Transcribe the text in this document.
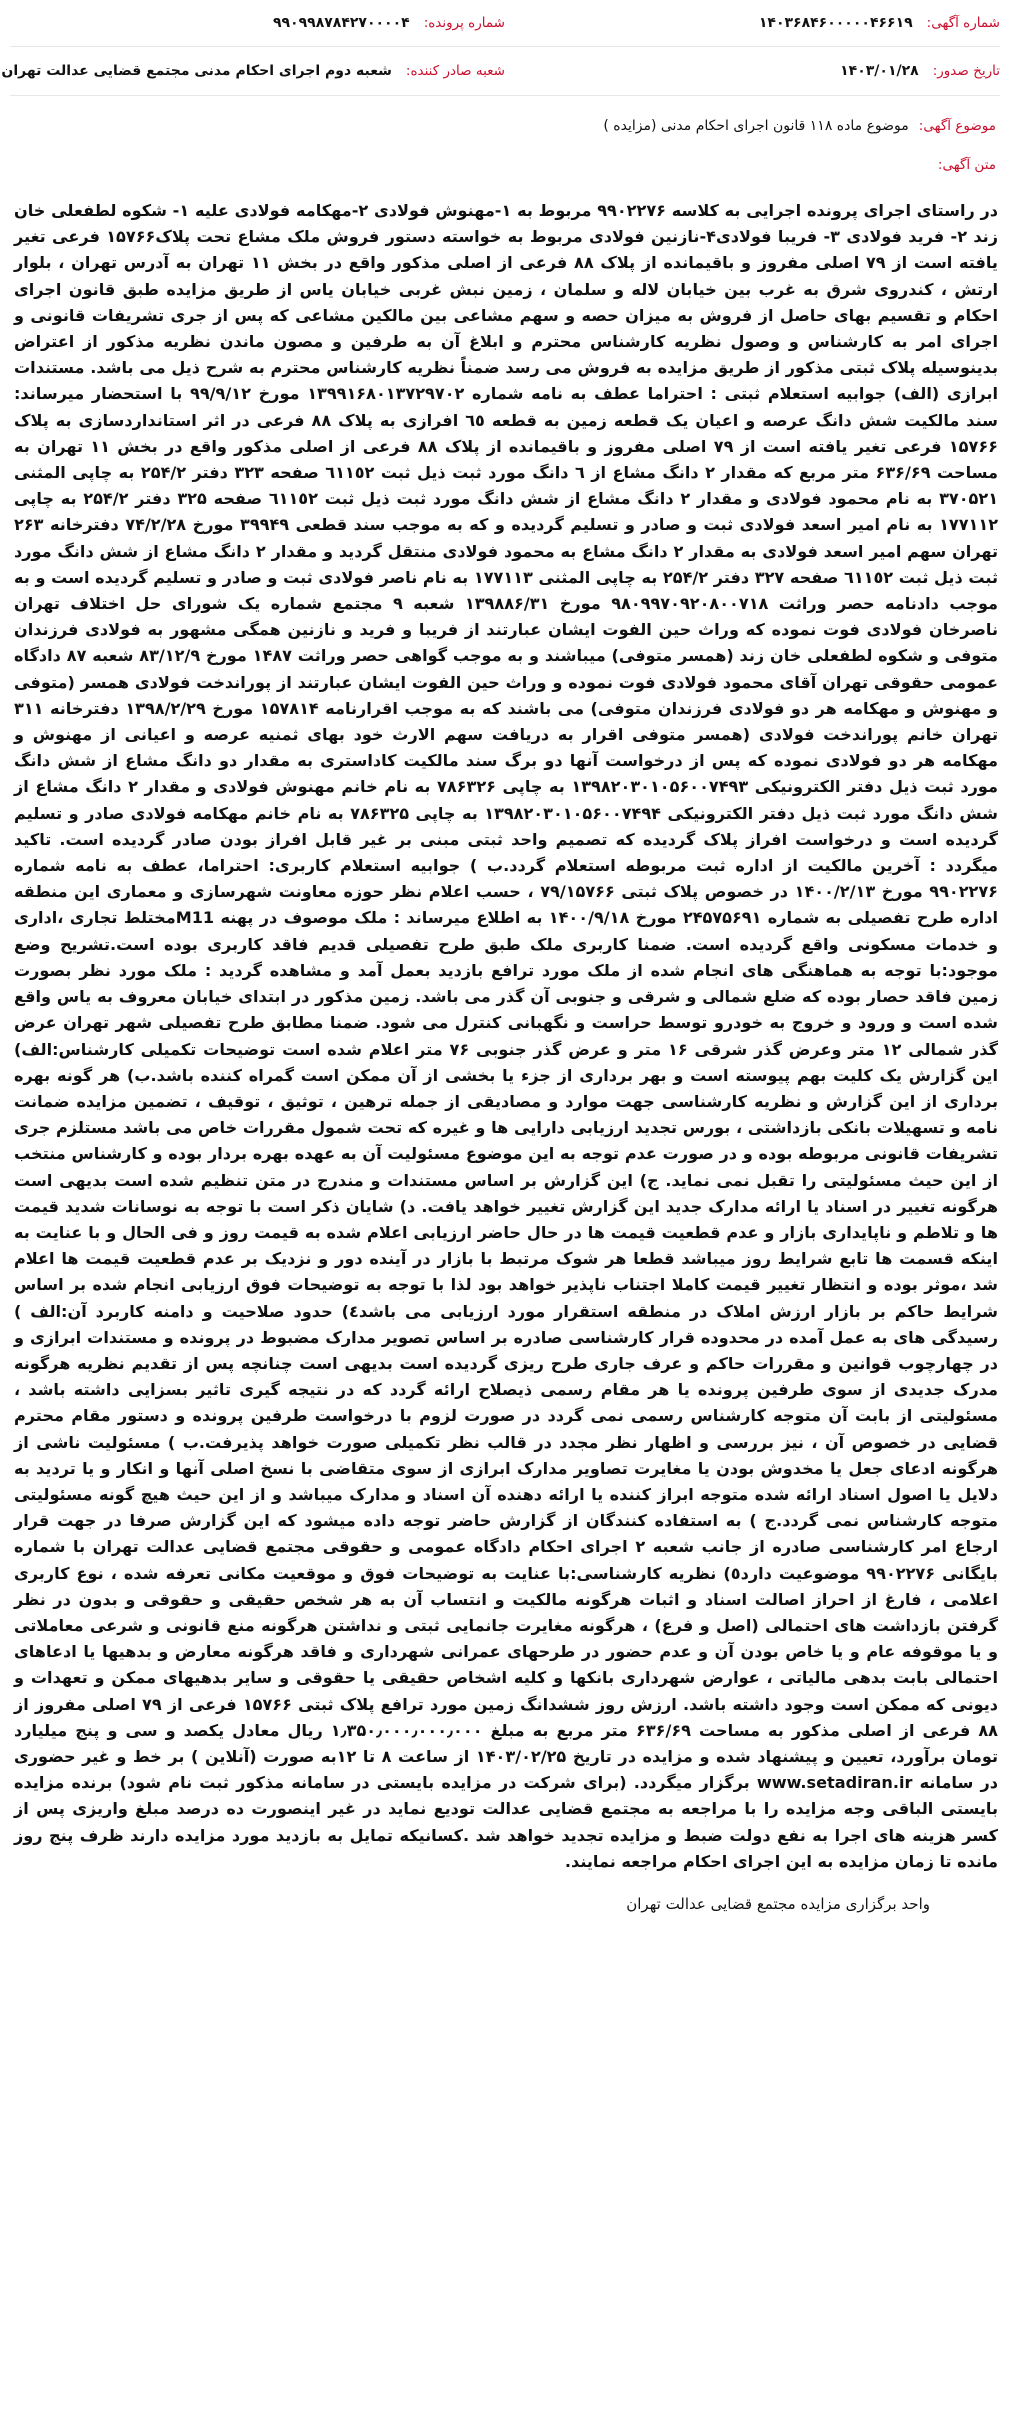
شماره آگهی:
۱۴۰۳۶۸۴۶۰۰۰۰۰۴۶۶۱۹
شماره پرونده:
۹۹۰۹۹۸۷۸۴۲۷۰۰۰۰۴
تاریخ صدور:
۱۴۰۳/۰۱/۲۸
شعبه صادر کننده:
شعبه دوم اجرای احکام مدنی مجتمع قضایی عدالت تهران
موضوع آگهی:
موضوع ماده ۱۱۸ قانون اجرای احکام مدنی (مزایده )
متن آگهی:
در راستای اجرای پرونده اجرایی به کلاسه ۹۹۰۲۲۷۶ مربوط به ۱-مهنوش فولادی ۲-مهکامه فولادی علیه ۱- شکوه لطفعلی خان زند ۲- فرید فولادی ۳- فریبا فولادی۴-نازنین فولادی مربوط به خواسته دستور فروش ملک مشاع تحت پلاک۱۵۷۶۶ فرعی تغیر یافته است از ۷۹ اصلی مفروز و باقیمانده از پلاک ۸۸ فرعی از اصلی مذکور واقع در بخش ۱۱ تهران به آدرس تهران ، بلوار ارتش ، کندروی شرق به غرب بین خیابان لاله و سلمان ، زمین نبش غربی خیابان یاس از طریق مزایده طبق قانون اجرای احکام و تقسیم بهای حاصل از فروش به میزان حصه و سهم مشاعی بین مالکین مشاعی که پس از جری تشریفات قانونی و اجرای امر به کارشناس و وصول نظریه کارشناس محترم و ابلاغ آن به طرفین و مصون ماندن نظریه مذکور از اعتراض بدینوسیله پلاک ثبتی مذکور از طریق مزایده به فروش می رسد ضمناً نظریه کارشناس محترم به شرح ذیل می باشد. مستندات ابرازی (الف) جوابیه استعلام ثبتی : احتراما عطف به نامه شماره ۱۳۹۹۱۶۸۰۱۳۷۲۹۷۰۲ مورخ ۹۹/۹/۱۲ با استحضار میرساند: سند مالکیت شش دانگ عرصه و اعیان یک قطعه زمین به قطعه ٦٥ افرازی به پلاک ۸۸ فرعی در اثر استانداردسازی به پلاک ۱۵۷۶۶ فرعی تغیر یافته است از ۷۹ اصلی مفروز و باقیمانده از پلاک ۸۸ فرعی از اصلی مذکور واقع در بخش ۱۱ تهران به مساحت ۶۳۶/۶۹ متر مربع که مقدار ۲ دانگ مشاع از ٦ دانگ مورد ثبت ذیل ثبت ٦١١٥٢ صفحه ۳۲۳ دفتر ۲۵۴/۲ به چاپی المثنی ۳۷۰۵۲۱ به نام محمود فولادی و مقدار ۲ دانگ مشاع از شش دانگ مورد ثبت ذیل ثبت ٦١١٥٢ صفحه ۳۲۵ دفتر ۲۵۴/۲ به چاپی ۱۷۷۱۱۲ به نام امیر اسعد فولادی ثبت و صادر و تسلیم گردیده و که به موجب سند قطعی ۳۹۹۴۹ مورخ ۷۴/۲/۲۸ دفترخانه ۲۶۳ تهران سهم امیر اسعد فولادی به مقدار ۲ دانگ مشاع به محمود فولادی منتقل گردید و مقدار ۲ دانگ مشاع از شش دانگ مورد ثبت ذیل ثبت ٦١١٥٢ صفحه ۳۲۷ دفتر ۲۵۴/۲ به چاپی المثنی ۱۷۷۱۱۳ به نام ناصر فولادی ثبت و صادر و تسلیم گردیده است و به موجب دادنامه حصر وراثت ۹۸۰۹۹۷۰۹۲۰۸۰۰۷۱۸ مورخ ۱۳۹۸۸۶/۳۱ شعبه ۹ مجتمع شماره یک شورای حل اختلاف تهران ناصرخان فولادی فوت نموده که وراث حین الفوت ایشان عبارتند از فریبا و فرید و نازنین همگی مشهور به فولادی فرزندان متوفی و شکوه لطفعلی خان زند (همسر متوفی) میباشند و به موجب گواهی حصر وراثت ۱۴۸۷ مورخ ۸۳/۱۲/۹ شعبه ۸۷ دادگاه عمومی حقوقی تهران آقای محمود فولادی فوت نموده و وراث حین الفوت ایشان عبارتند از پوراندخت فولادی همسر (متوفی و مهنوش و مهکامه هر دو فولادی فرزندان متوفی) می باشند که به موجب اقرارنامه ۱۵۷۸۱۴ مورخ ۱۳۹۸/۲/۲۹ دفترخانه ۳۱۱ تهران خانم پوراندخت فولادی (همسر متوفی اقرار به دریافت سهم الارث خود بهای ثمنیه عرصه و اعیانی از مهنوش و مهکامه هر دو فولادی نموده که پس از درخواست آنها دو برگ سند مالکیت کاداستری به مقدار دو دانگ مشاع از شش دانگ مورد ثبت ذیل دفتر الکترونیکی ۱۳۹۸۲۰۳۰۱۰۵۶۰۰۷۴۹۳ به چاپی ۷۸۶۳۲۶ به نام خانم مهنوش فولادی و مقدار ۲ دانگ مشاع از شش دانگ مورد ثبت ذیل دفتر الکترونیکی ۱۳۹۸۲۰۳۰۱۰۵۶۰۰۷۴۹۴ به چاپی ۷۸۶۳۲۵ به نام خانم مهکامه فولادی صادر و تسلیم گردیده است و درخواست افراز پلاک گردیده که تصمیم واحد ثبتی مبنی بر غیر قابل افراز بودن صادر گردیده است. تاکید میگردد : آخرین مالکیت از اداره ثبت مربوطه استعلام گردد.ب ) جوابیه استعلام کاربری: احتراما، عطف به نامه شماره ۹۹۰۲۲۷۶ مورخ ۱۴۰۰/۲/۱۳ در خصوص پلاک ثبتی ۷۹/۱۵۷۶۶ ، حسب اعلام نظر حوزه معاونت شهرسازی و معماری این منطقه اداره طرح تفصیلی به شماره ۲۴۵۷۵۶۹۱ مورخ ۱۴۰۰/۹/۱۸ به اطلاع میرساند : ملک موصوف در پهنه M11مختلط تجاری ،اداری و خدمات مسکونی واقع گردیده است. ضمنا کاربری ملک طبق طرح تفصیلی قدیم فاقد کاربری بوده است.تشریح وضع موجود:با توجه به هماهنگی های انجام شده از ملک مورد ترافع بازدید بعمل آمد و مشاهده گردید : ملک مورد نظر بصورت زمین فاقد حصار بوده که ضلع شمالی و شرقی و جنوبی آن گذر می باشد. زمین مذکور در ابتدای خیابان معروف به یاس واقع شده است و ورود و خروج به خودرو توسط حراست و نگهبانی کنترل می شود. ضمنا مطابق طرح تفصیلی شهر تهران عرض گذر شمالی ۱۲ متر وعرض گذر شرقی ۱۶ متر و عرض گذر جنوبی ۷۶ متر اعلام شده است توضیحات تکمیلی کارشناس:الف) این گزارش یک کلیت بهم پیوسته است و بهر برداری از جزء یا بخشی از آن ممکن است گمراه کننده باشد.ب) هر گونه بهره برداری از این گزارش و نظریه کارشناسی جهت موارد و مصادیقی از جمله ترهین ، توثیق ، توقیف ، تضمین مزایده ضمانت نامه و تسهیلات بانکی بازداشتی ، بورس تجدید ارزیابی دارایی ها و غیره که تحت شمول مقررات خاص می باشد مستلزم جری تشریفات قانونی مربوطه بوده و در صورت عدم توجه به این موضوع مسئولیت آن به عهده بهره بردار بوده و کارشناس منتخب از این حیث مسئولیتی را تقبل نمی نماید. ج) این گزارش بر اساس مستندات و مندرج در متن تنظیم شده است بدیهی است هرگونه تغییر در اسناد یا ارائه مدارک جدید این گزارش تغییر خواهد یافت. د) شایان ذکر است با توجه به نوسانات شدید قیمت ها و تلاطم و ناپایداری بازار و عدم قطعیت قیمت ها در حال حاضر ارزیابی اعلام شده به قیمت روز و فی الحال و با عنایت به اینکه قسمت ها تابع شرایط روز میباشد قطعا هر شوک مرتبط با بازار در آینده دور و نزدیک بر عدم قطعیت قیمت ها اعلام شد ،موثر بوده و انتظار تغییر قیمت کاملا اجتناب ناپذیر خواهد بود لذا با توجه به توضیحات فوق ارزیابی انجام شده بر اساس شرایط حاکم بر بازار ارزش املاک در منطقه استقرار مورد ارزیابی می باشد٤) حدود صلاحیت و دامنه کاربرد آن:الف ) رسیدگی های به عمل آمده در محدوده قرار کارشناسی صادره بر اساس تصویر مدارک مضبوط در پرونده و مستندات ابرازی و در چهارچوب قوانین و مقررات حاکم و عرف جاری طرح ریزی گردیده است بدیهی است چنانچه پس از تقدیم نظریه هرگونه مدرک جدیدی از سوی طرفین پرونده یا هر مقام رسمی ذیصلاح ارائه گردد که در نتیجه گیری تاثیر بسزایی داشته باشد ، مسئولیتی از بابت آن متوجه کارشناس رسمی نمی گردد در صورت لزوم با درخواست طرفین پرونده و دستور مقام محترم قضایی در خصوص آن ، نیز بررسی و اظهار نظر مجدد در قالب نظر تکمیلی صورت خواهد پذیرفت.ب ) مسئولیت ناشی از هرگونه ادعای جعل یا مخدوش بودن یا مغایرت تصاویر مدارک ابرازی از سوی متقاضی با نسخ اصلی آنها و انکار و یا تردید به دلایل یا اصول اسناد ارائه شده متوجه ابراز کننده یا ارائه دهنده آن اسناد و مدارک میباشد و از این حیث هیچ گونه مسئولیتی متوجه کارشناس نمی گردد.ج ) به استفاده کنندگان از گزارش حاضر توجه داده میشود که این گزارش صرفا در جهت قرار ارجاع امر کارشناسی صادره از جانب شعبه ۲ اجرای احکام دادگاه عمومی و حقوقی مجتمع قضایی عدالت تهران با شماره بایگانی ۹۹۰۲۲۷۶ موضوعیت دارد٥) نظریه کارشناسی:با عنایت به توضیحات فوق و موقعیت مکانی تعرفه شده ، نوع کاربری اعلامی ، فارغ از احراز اصالت اسناد و اثبات هرگونه مالکیت و انتساب آن به هر شخص حقیقی و حقوقی و بدون در نظر گرفتن بازداشت های احتمالی (اصل و فرع) ، هرگونه مغایرت جانمایی ثبتی و نداشتن هرگونه منع قانونی و شرعی معاملاتی و یا موقوفه عام و یا خاص بودن آن و عدم حضور در طرحهای عمرانی شهرداری و فاقد هرگونه معارض و بدهیها یا ادعاهای احتمالی بابت بدهی مالیاتی ، عوارض شهرداری بانکها و کلیه اشخاص حقیقی یا حقوقی و سایر بدهیهای ممکن و تعهدات و دیونی که ممکن است وجود داشته باشد. ارزش روز ششدانگ زمین مورد ترافع پلاک ثبتی ۱۵۷۶۶ فرعی از ۷۹ اصلی مفروز از ۸۸ فرعی از اصلی مذکور به مساحت ۶۳۶/۶۹ متر مربع به مبلغ ۱٫۳۵۰٫۰۰۰٫۰۰۰٫۰۰۰ ریال معادل یکصد و سی و پنج میلیارد تومان برآورد، تعیین و پیشنهاد شده و مزایده در تاریخ ۱۴۰۳/۰۲/۲۵ از ساعت ۸ تا ۱۲به صورت (آنلاین ) بر خط و غیر حضوری در سامانه www.setadiran.ir برگزار میگردد. (برای شرکت در مزایده بایستی در سامانه مذکور ثبت نام شود) برنده مزایده بایستی الباقی وجه مزایده را با مراجعه به مجتمع قضایی عدالت تودیع نماید در غیر اینصورت ده درصد مبلغ واریزی پس از کسر هزینه های اجرا به نفع دولت ضبط و مزایده تجدید خواهد شد .کسانیکه تمایل به بازدید مورد مزایده دارند ظرف پنج روز مانده تا زمان مزایده به این اجرای احکام مراجعه نمایند.
واحد برگزاری مزایده مجتمع قضایی عدالت تهران
